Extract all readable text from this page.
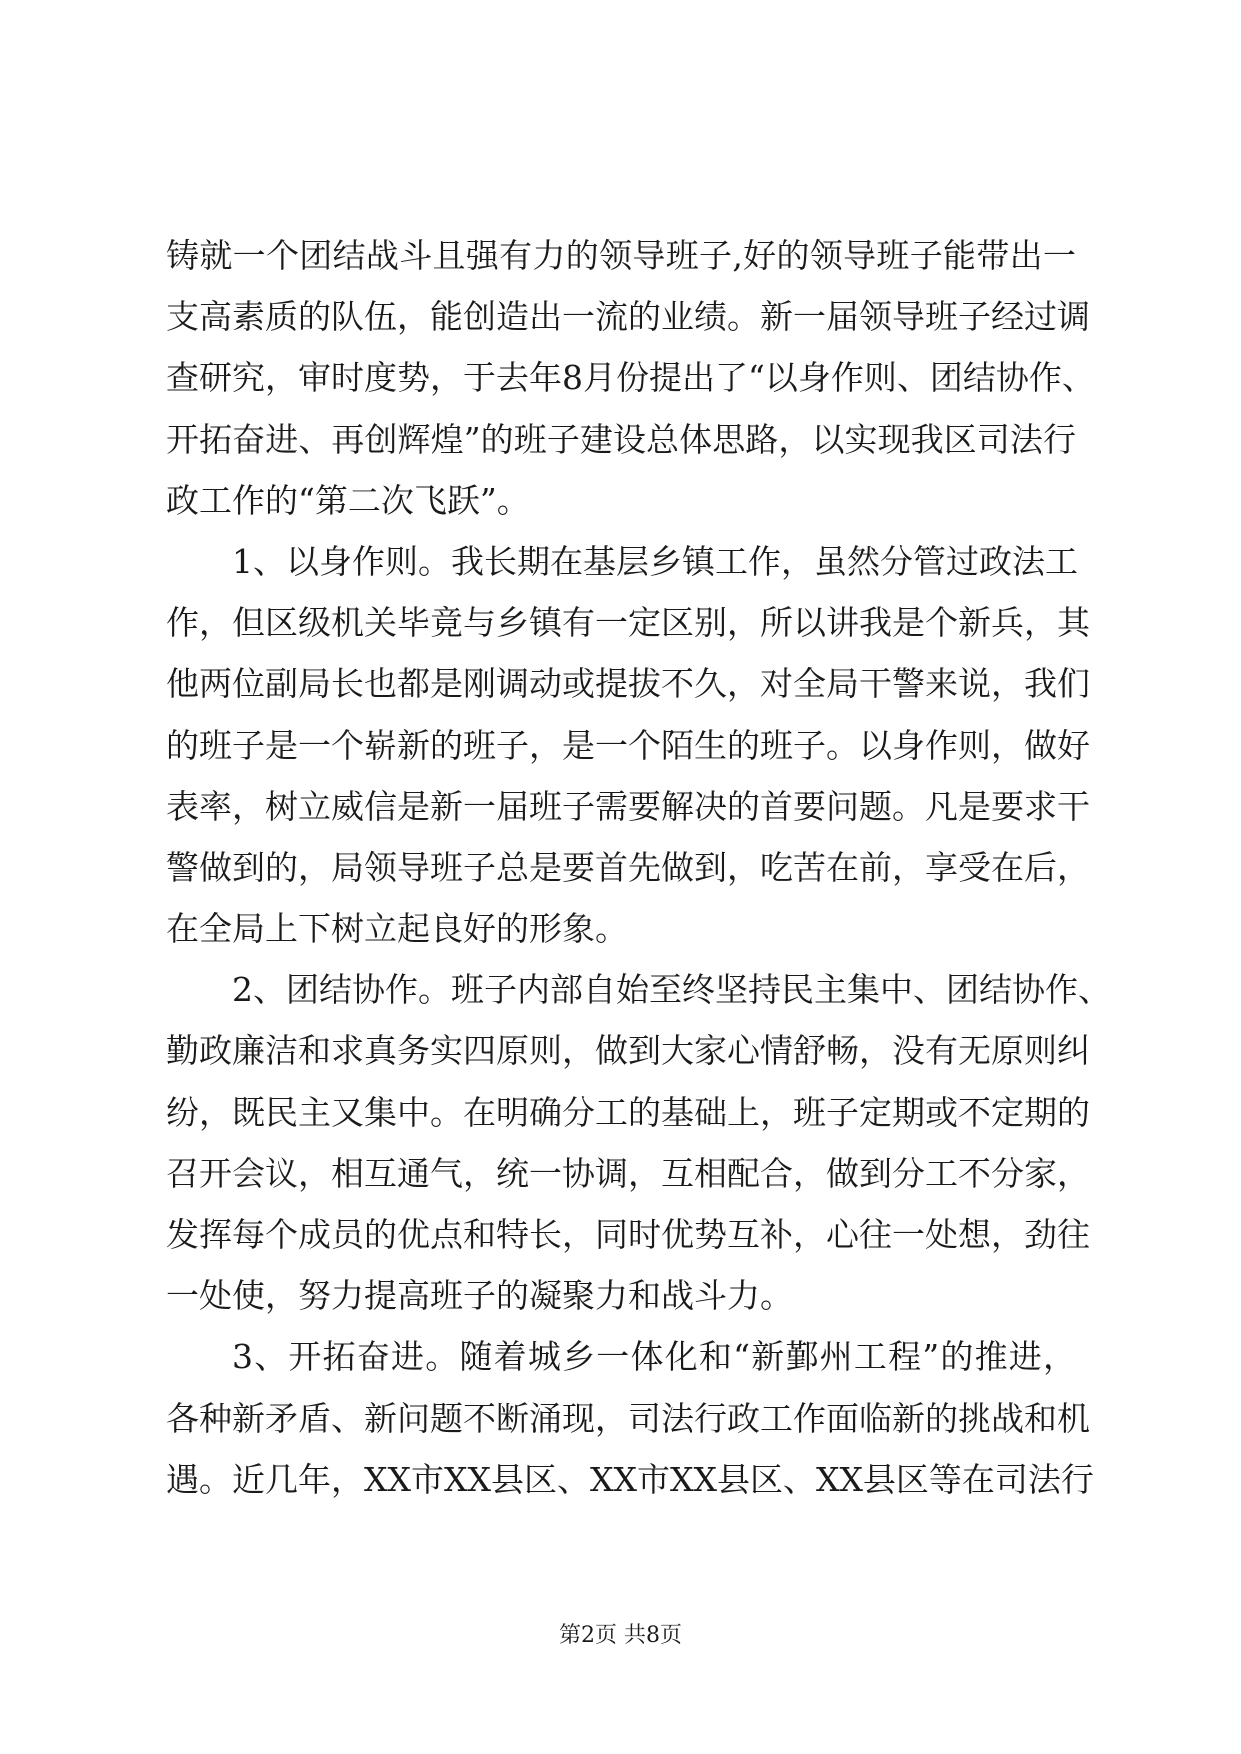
铸就一个团结战斗且强有力的领导班子,好的领导班子能带出一
支高素质的队伍，能创造出一流的业绩。新一届领导班子经过调
查研究，审时度势，于去年8月份提出了“以身作则、团结协作、
开拓奋进、再创辉煌”的班子建设总体思路，以实现我区司法行
政工作的“第二次飞跃”。
1、以身作则。我长期在基层乡镇工作，虽然分管过政法工
作，但区级机关毕竟与乡镇有一定区别，所以讲我是个新兵，其
他两位副局长也都是刚调动或提拔不久，对全局干警来说，我们
的班子是一个崭新的班子，是一个陌生的班子。以身作则，做好
表率，树立威信是新一届班子需要解决的首要问题。凡是要求干
警做到的，局领导班子总是要首先做到，吃苦在前，享受在后，
在全局上下树立起良好的形象。
2、团结协作。班子内部自始至终坚持民主集中、团结协作、
勤政廉洁和求真务实四原则，做到大家心情舒畅，没有无原则纠
纷，既民主又集中。在明确分工的基础上，班子定期或不定期的
召开会议，相互通气，统一协调，互相配合，做到分工不分家，
发挥每个成员的优点和特长，同时优势互补，心往一处想，劲往
一处使，努力提高班子的凝聚力和战斗力。
3、开拓奋进。随着城乡一体化和“新鄞州工程”的推进，
各种新矛盾、新问题不断涌现，司法行政工作面临新的挑战和机
遇。近几年，XX市XX县区、XX市XX县区、XX县区等在司法行
第2页 共8页
